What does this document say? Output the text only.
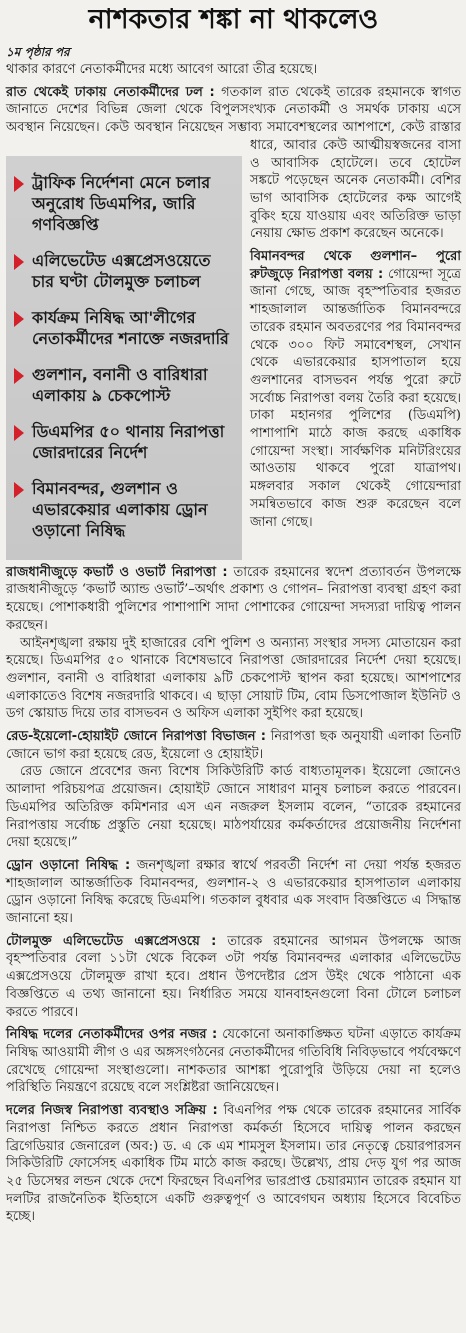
নাশকতার শঙ্কা না থাকলেও
১ম পৃষ্ঠার পর

থাকার কারণে নেতাকর্মীদের মধ্যে আবেগ আরো তীব্র হয়েছে।

ট্রাফিক নির্দেশনা মেনে চলার অনুরোধ ডিএমপির, জারি গণবিজ্ঞপ্তি
এলিভেটেড এক্সপ্রেসওয়েতে চার ঘণ্টা টোলমুক্ত চলাচল
কার্যক্রম নিষিদ্ধ আ'লীগের নেতাকর্মীদের শনাক্তে নজরদারি
গুলশান, বনানী ও বারিধারা এলাকায় ৯ চেকপোস্ট
ডিএমপির ৫০ থানায় নিরাপত্তা জোরদারের নির্দেশ
বিমানবন্দর, গুলশান ও এভারকেয়ার এলাকায় ড্রোন ওড়ানো নিষিদ্ধ

রাত থেকেই ঢাকায় নেতাকর্মীদের ঢল : গতকাল রাত থেকেই তারেক রহমানকে স্বাগত জানাতে দেশের বিভিন্ন জেলা থেকে বিপুলসংখ্যক নেতাকর্মী ও সমর্থক ঢাকায় এসে অবস্থান নিয়েছেন। কেউ অবস্থান নিয়েছেন সম্ভাব্য সমাবেশস্থলের আশপাশে, কেউ রাস্তার ধারে, আবার কেউ আত্মীয়স্বজনের বাসা ও আবাসিক হোটেলে। তবে হোটেল সঙ্কটে পড়েছেন অনেক নেতাকর্মী। বেশির ভাগ আবাসিক হোটেলের কক্ষ আগেই বুকিং হয়ে যাওয়ায় এবং অতিরিক্ত ভাড়া নেয়ায় ক্ষোভ প্রকাশ করেছেন অনেকে।

বিমানবন্দর থেকে গুলশান– পুরো রুটজুড়ে নিরাপত্তা বলয় : গোয়েন্দা সূত্রে জানা গেছে, আজ বৃহস্পতিবার হজরত শাহজালাল আন্তর্জাতিক বিমানবন্দরে তারেক রহমান অবতরণের পর বিমানবন্দর থেকে ৩০০ ফিট সমাবেশস্থল, সেখান থেকে এভারকেয়ার হাসপাতাল হয়ে গুলশানের বাসভবন পর্যন্ত পুরো রুটে সর্বোচ্চ নিরাপত্তা বলয় তৈরি করা হয়েছে। ঢাকা মহানগর পুলিশের (ডিএমপি) পাশাপাশি মাঠে কাজ করছে একাধিক গোয়েন্দা সংস্থা। সার্বক্ষণিক মনিটরিংয়ের আওতায় থাকবে পুরো যাত্রাপথ। মঙ্গলবার সকাল থেকেই গোয়েন্দারা সমন্বিতভাবে কাজ শুরু করেছেন বলে জানা গেছে।

রাজধানীজুড়ে কভার্ট ও ওভার্ট নিরাপত্তা : তারেক রহমানের স্বদেশ প্রত্যাবর্তন উপলক্ষে রাজধানীজুড়ে ‘কভার্ট অ্যান্ড ওভার্ট’–অর্থাৎ প্রকাশ্য ও গোপন– নিরাপত্তা ব্যবস্থা গ্রহণ করা হয়েছে। পোশাকধারী পুলিশের পাশাপাশি সাদা পোশাকের গোয়েন্দা সদস্যরা দায়িত্ব পালন করছেন।

আইনশৃঙ্খলা রক্ষায় দুই হাজারের বেশি পুলিশ ও অন্যান্য সংস্থার সদস্য মোতায়েন করা হয়েছে। ডিএমপির ৫০ থানাকে বিশেষভাবে নিরাপত্তা জোরদারের নির্দেশ দেয়া হয়েছে। গুলশান, বনানী ও বারিধারা এলাকায় ৯টি চেকপোস্ট স্থাপন করা হয়েছে। আশপাশের এলাকাতেও বিশেষ নজরদারি থাকবে। এ ছাড়া সোয়াট টিম, বোম ডিসপোজাল ইউনিট ও ডগ স্কোয়াড দিয়ে তার বাসভবন ও অফিস এলাকা সুইপিং করা হয়েছে।

রেড-ইয়েলো-হোয়াইট জোনে নিরাপত্তা বিভাজন : নিরাপত্তা ছক অনুযায়ী এলাকা তিনটি জোনে ভাগ করা হয়েছে রেড, ইয়েলো ও হোয়াইট।

রেড জোনে প্রবেশের জন্য বিশেষ সিকিউরিটি কার্ড বাধ্যতামূলক। ইয়েলো জোনেও আলাদা পরিচয়পত্র প্রয়োজন। হোয়াইট জোনে সাধারণ মানুষ চলাচল করতে পারবেন। ডিএমপির অতিরিক্ত কমিশনার এস এন নজরুল ইসলাম বলেন, “তারেক রহমানের নিরাপত্তায় সর্বোচ্চ প্রস্তুতি নেয়া হয়েছে। মাঠপর্যায়ের কর্মকর্তাদের প্রয়োজনীয় নির্দেশনা দেয়া হয়েছে।”

ড্রোন ওড়ানো নিষিদ্ধ : জনশৃঙ্খলা রক্ষার স্বার্থে পরবর্তী নির্দেশ না দেয়া পর্যন্ত হজরত শাহজালাল আন্তর্জাতিক বিমানবন্দর, গুলশান-২ ও এভারকেয়ার হাসপাতাল এলাকায় ড্রোন ওড়ানো নিষিদ্ধ করেছে ডিএমপি। গতকাল বুধবার এক সংবাদ বিজ্ঞপ্তিতে এ সিদ্ধান্ত জানানো হয়।

টোলমুক্ত এলিভেটেড এক্সপ্রেসওয়ে : তারেক রহমানের আগমন উপলক্ষে আজ বৃহস্পতিবার বেলা ১১টা থেকে বিকেল ৩টা পর্যন্ত বিমানবন্দর এলাকার এলিভেটেড এক্সপ্রেসওয়ে টোলমুক্ত রাখা হবে। প্রধান উপদেষ্টার প্রেস উইং থেকে পাঠানো এক বিজ্ঞপ্তিতে এ তথ্য জানানো হয়। নির্ধারিত সময়ে যানবাহনগুলো বিনা টোলে চলাচল করতে পারবে।

নিষিদ্ধ দলের নেতাকর্মীদের ওপর নজর : যেকোনো অনাকাঙ্ক্ষিত ঘটনা এড়াতে কার্যক্রম নিষিদ্ধ আওয়ামী লীগ ও এর অঙ্গসংগঠনের নেতাকর্মীদের গতিবিধি নিবিড়ভাবে পর্যবেক্ষণে রেখেছে গোয়েন্দা সংস্থাগুলো। নাশকতার আশঙ্কা পুরোপুরি উড়িয়ে দেয়া না হলেও পরিস্থিতি নিয়ন্ত্রণে রয়েছে বলে সংশ্লিষ্টরা জানিয়েছেন।

দলের নিজস্ব নিরাপত্তা ব্যবস্থাও সক্রিয় : বিএনপির পক্ষ থেকে তারেক রহমানের সার্বিক নিরাপত্তা নিশ্চিত করতে প্রধান নিরাপত্তা কর্মকর্তা হিসেবে দায়িত্ব পালন করছেন ব্রিগেডিয়ার জেনারেল (অব:) ড. এ কে এম শামসুল ইসলাম। তার নেতৃত্বে চেয়ারপারসন সিকিউরিটি ফোর্সেসহ একাধিক টিম মাঠে কাজ করছে। উল্লেখ্য, প্রায় দেড় যুগ পর আজ ২৫ ডিসেম্বর লন্ডন থেকে দেশে ফিরছেন বিএনপির ভারপ্রাপ্ত চেয়ারম্যান তারেক রহমান যা দলটির রাজনৈতিক ইতিহাসে একটি গুরুত্বপূর্ণ ও আবেগঘন অধ্যায় হিসেবে বিবেচিত হচ্ছে।
